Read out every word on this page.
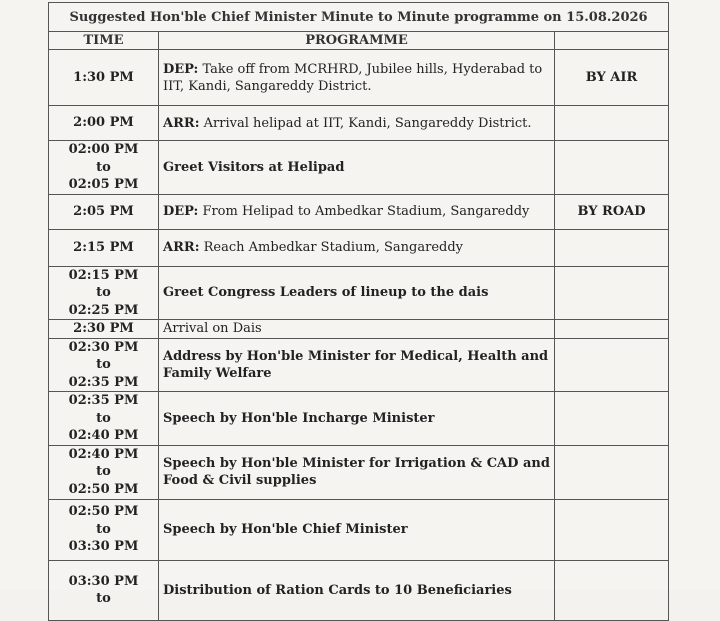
Suggested Hon'ble Chief Minister Minute to Minute programme on 15.08.2026		
TIME	PROGRAMME	

1:30 PM	DEP: Take off from MCRHRD, Jubilee hills, Hyderabad to IIT, Kandi, Sangareddy District.	BY AIR

2:00 PM	ARR: Arrival helipad at IIT, Kandi, Sangareddy District.	

02:00 PM
to
02:05 PM	Greet Visitors at Helipad	

2:05 PM	DEP: From Helipad to Ambedkar Stadium, Sangareddy	BY ROAD

2:15 PM	ARR: Reach Ambedkar Stadium, Sangareddy	

02:15 PM
to
02:25 PM	Greet Congress Leaders of lineup to the dais	

2:30 PM	Arrival on Dais	

02:30 PM
to
02:35 PM	Address by Hon'ble Minister for Medical, Health and Family Welfare	

02:35 PM
to
02:40 PM	Speech by Hon'ble Incharge Minister	

02:40 PM
to
02:50 PM	Speech by Hon'ble Minister for Irrigation & CAD and Food & Civil supplies	

02:50 PM
to
03:30 PM	Speech by Hon'ble Chief Minister	

03:30 PM
to	Distribution of Ration Cards to 10 Beneficiaries	
